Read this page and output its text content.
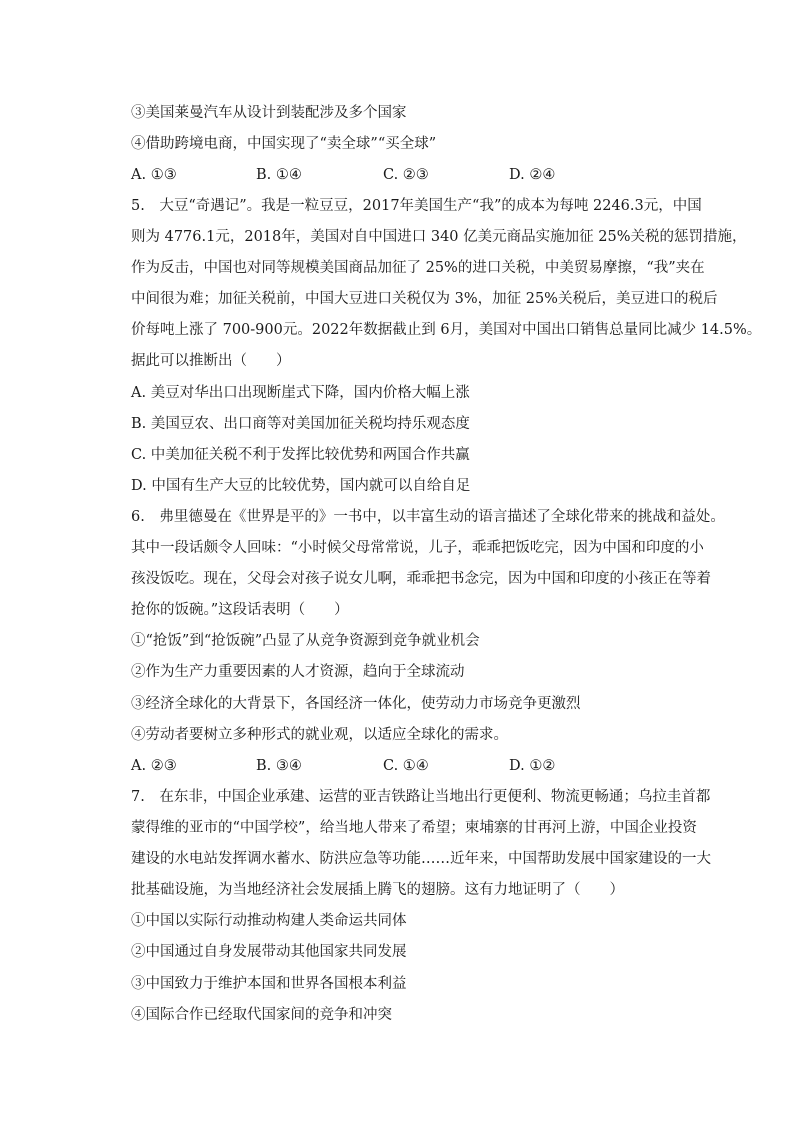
③美国莱曼汽车从设计到装配涉及多个国家
④借助跨境电商，中国实现了“卖全球”“买全球”
A. ①③	B. ①④	C. ②③	D. ②④
5.　大豆“奇遇记”。我是一粒豆豆，2017年美国生产“我”的成本为每吨 2246.3元，中国
则为 4776.1元，2018年，美国对自中国进口 340 亿美元商品实施加征 25%关税的惩罚措施，
作为反击，中国也对同等规模美国商品加征了 25%的进口关税，中美贸易摩擦，“我”夹在
中间很为难；加征关税前，中国大豆进口关税仅为 3%，加征 25%关税后，美豆进口的税后
价每吨上涨了 700-900元。2022年数据截止到 6月，美国对中国出口销售总量同比减少 14.5%。
据此可以推断出（　　）
A. 美豆对华出口出现断崖式下降，国内价格大幅上涨
B. 美国豆农、出口商等对美国加征关税均持乐观态度
C. 中美加征关税不利于发挥比较优势和两国合作共赢
D. 中国有生产大豆的比较优势，国内就可以自给自足
6.　弗里德曼在《世界是平的》一书中，以丰富生动的语言描述了全球化带来的挑战和益处。
其中一段话颇令人回味：“小时候父母常常说，儿子，乖乖把饭吃完，因为中国和印度的小
孩没饭吃。现在，父母会对孩子说女儿啊，乖乖把书念完，因为中国和印度的小孩正在等着
抢你的饭碗。”这段话表明（　　）
①“抢饭”到“抢饭碗”凸显了从竞争资源到竞争就业机会
②作为生产力重要因素的人才资源，趋向于全球流动
③经济全球化的大背景下，各国经济一体化，使劳动力市场竞争更激烈
④劳动者要树立多种形式的就业观，以适应全球化的需求。
A. ②③	B. ③④	C. ①④	D. ①②
7.　在东非，中国企业承建、运营的亚吉铁路让当地出行更便利、物流更畅通；乌拉圭首都
蒙得维的亚市的“中国学校”，给当地人带来了希望；柬埔寨的甘再河上游，中国企业投资
建设的水电站发挥调水蓄水、防洪应急等功能……近年来，中国帮助发展中国家建设的一大
批基础设施，为当地经济社会发展插上腾飞的翅膀。这有力地证明了（　　）
①中国以实际行动推动构建人类命运共同体
②中国通过自身发展带动其他国家共同发展
③中国致力于维护本国和世界各国根本利益
④国际合作已经取代国家间的竞争和冲突
